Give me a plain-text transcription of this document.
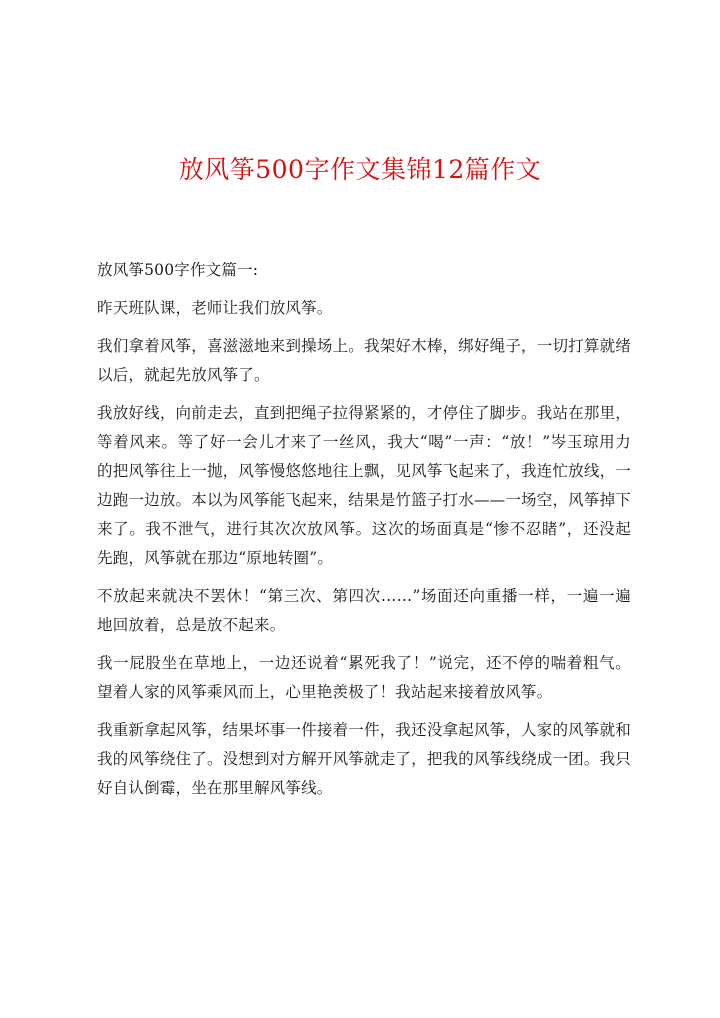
放风筝500字作文集锦12篇作文

放风筝500字作文篇一:

昨天班队课，老师让我们放风筝。

我们拿着风筝，喜滋滋地来到操场上。我架好木棒，绑好绳子，一切打算就绪以后，就起先放风筝了。

我放好线，向前走去，直到把绳子拉得紧紧的，才停住了脚步。我站在那里，等着风来。等了好一会儿才来了一丝风，我大“喝”一声：“放！”岑玉琼用力的把风筝往上一抛，风筝慢悠悠地往上飘，见风筝飞起来了，我连忙放线，一边跑一边放。本以为风筝能飞起来，结果是竹篮子打水——一场空，风筝掉下来了。我不泄气，进行其次次放风筝。这次的场面真是“惨不忍睹”，还没起先跑，风筝就在那边“原地转圈”。

不放起来就决不罢休！“第三次、第四次……”场面还向重播一样，一遍一遍地回放着，总是放不起来。

我一屁股坐在草地上，一边还说着“累死我了！”说完，还不停的喘着粗气。望着人家的风筝乘风而上，心里艳羡极了！我站起来接着放风筝。

我重新拿起风筝，结果坏事一件接着一件，我还没拿起风筝，人家的风筝就和我的风筝绕住了。没想到对方解开风筝就走了，把我的风筝线绕成一团。我只好自认倒霉，坐在那里解风筝线。
